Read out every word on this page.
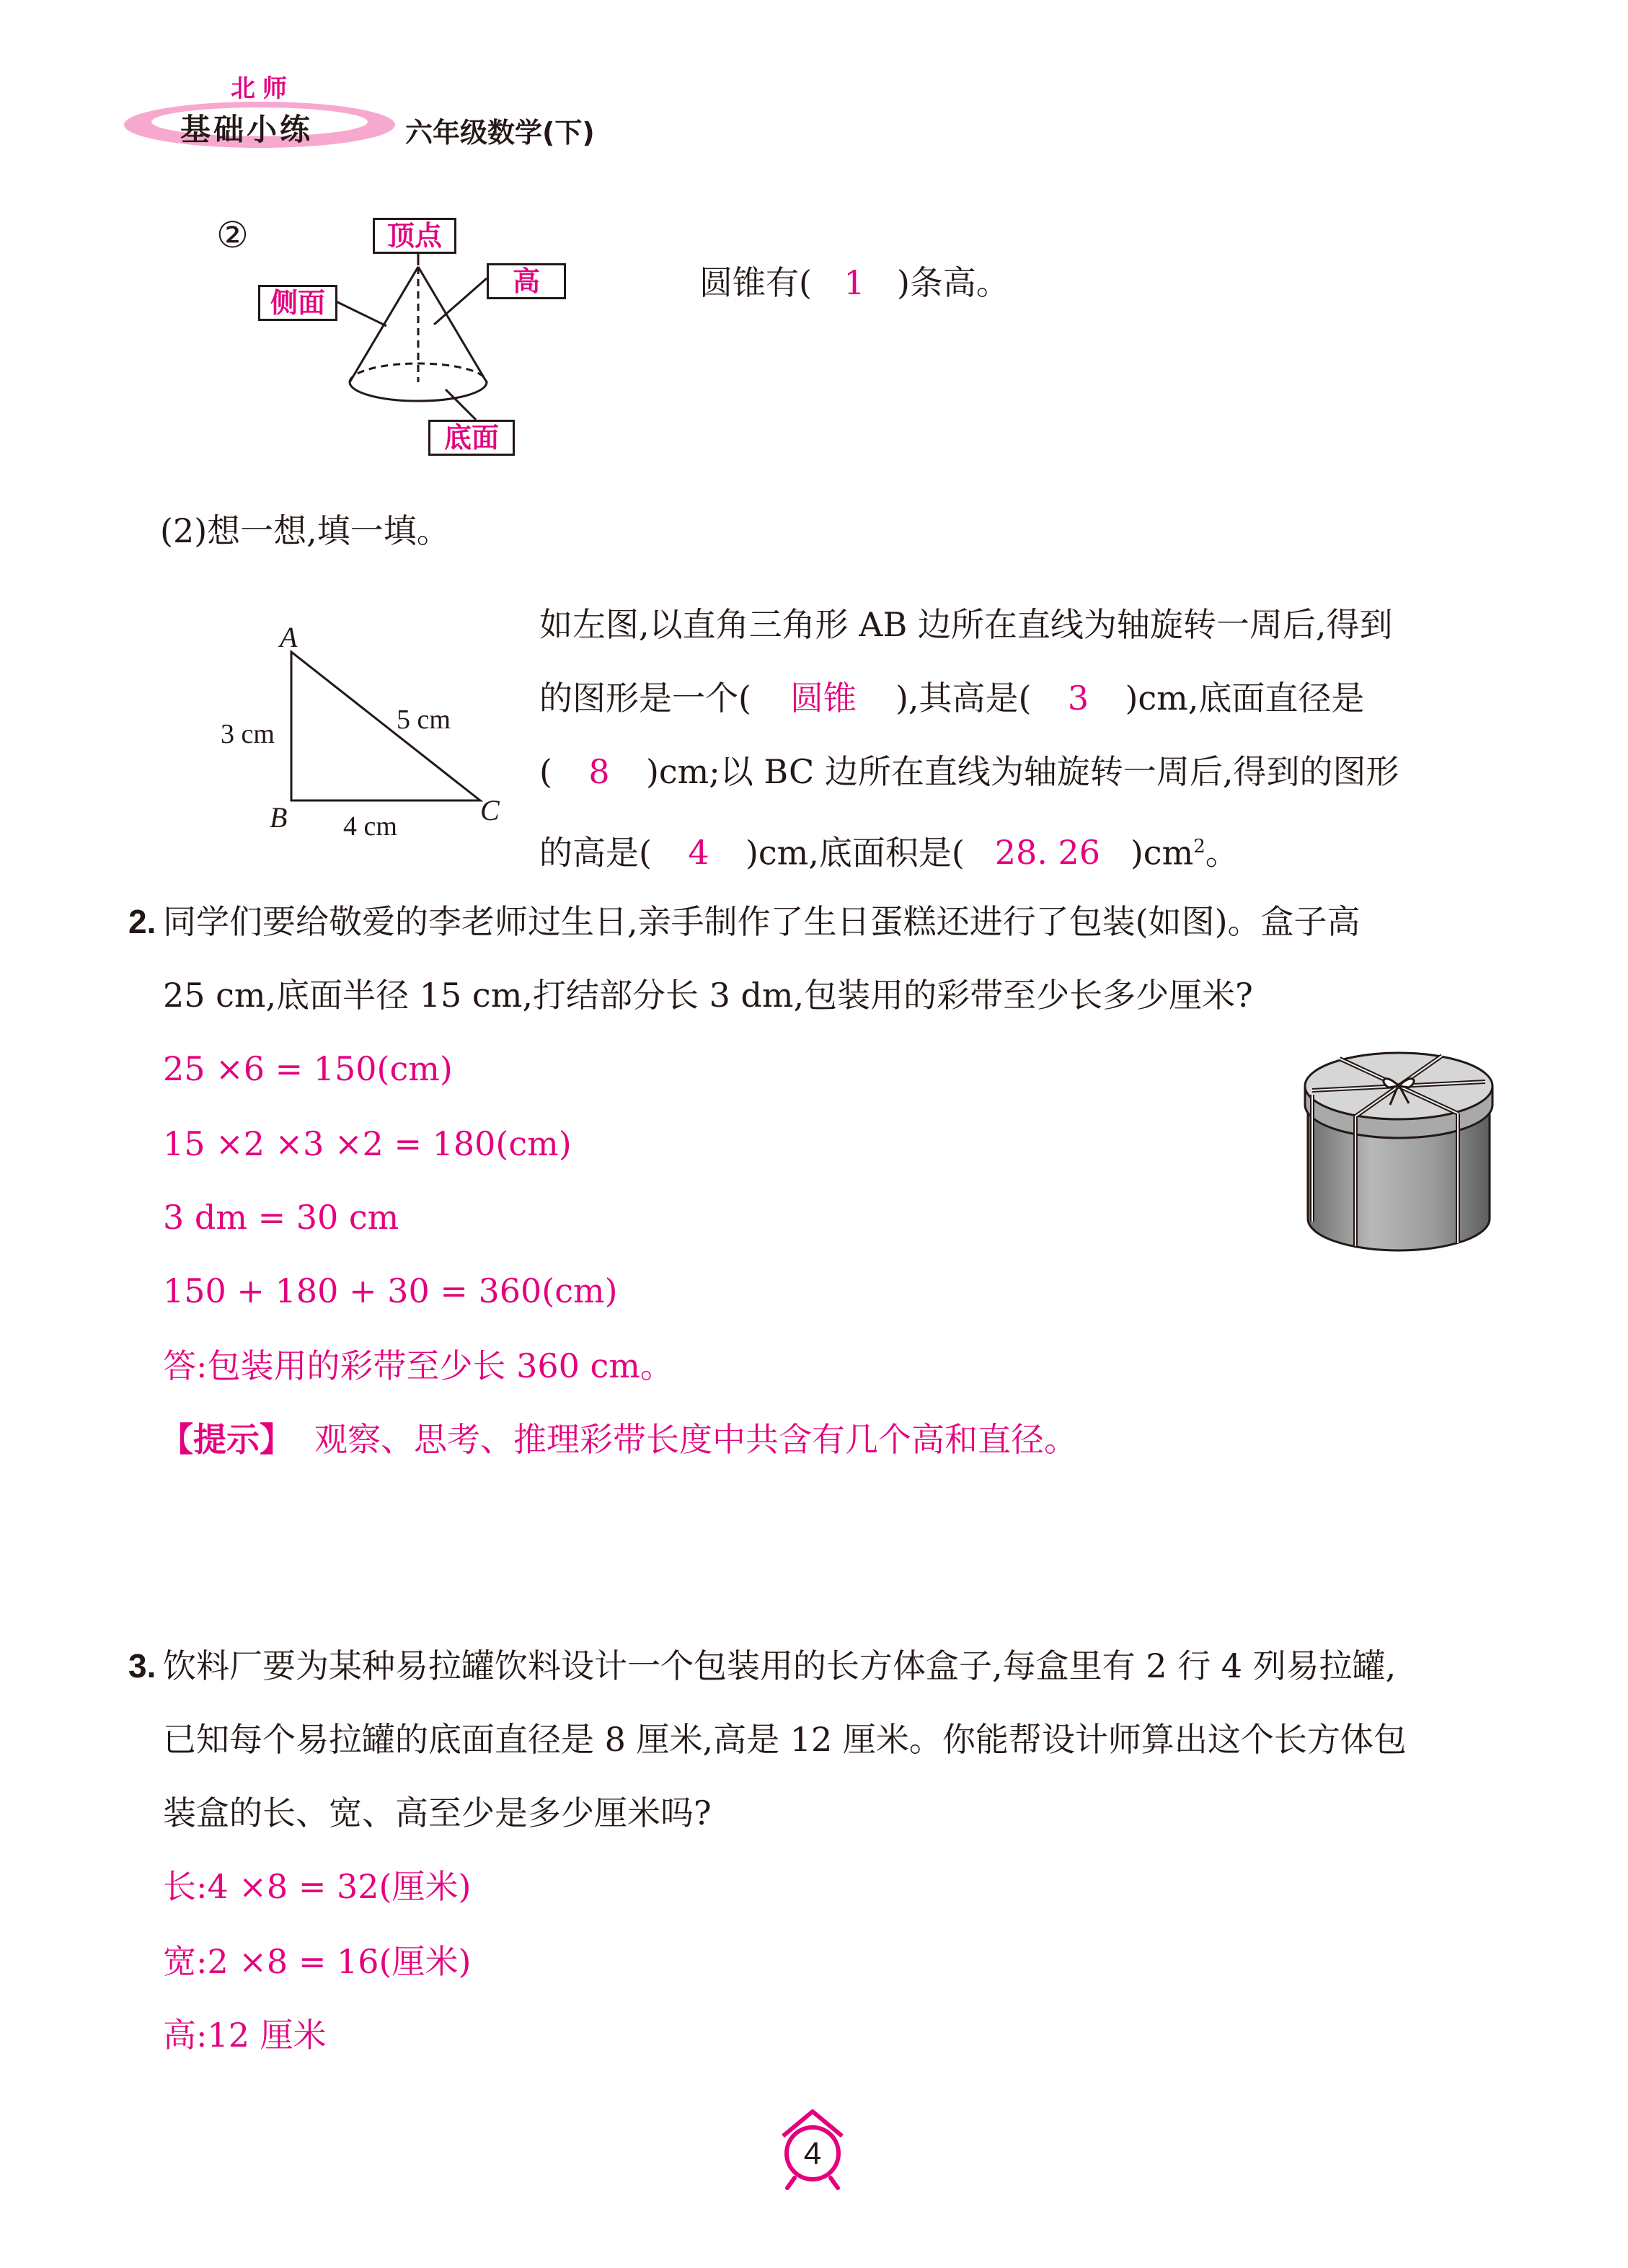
北师
基础小练	六年级数学(下)
②	顶点
高
侧面
底面
圆锥有( 1 )条高。
(2)想一想,填一填。
A
B	C
3 cm
4 cm
5 cm
如左图,以直角三角形 AB 边所在直线为轴旋转一周后,得到
的图形是一个( 圆锥 ),其高是( 3 )cm,底面直径是
( 8 )cm;以 BC 边所在直线为轴旋转一周后,得到的图形
的高是( 4 )cm,底面积是( 28. 26 )$cm^2$。
2. 同学们要给敬爱的李老师过生日,亲手制作了生日蛋糕还进行了包装(如图)。盒子高
25 cm,底面半径 15 cm,打结部分长 3 dm,包装用的彩带至少长多少厘米?
25 ×6 = 150(cm)
15 ×2 ×3 ×2 = 180(cm)
3 dm = 30 cm
150 + 180 + 30 = 360(cm)
答:包装用的彩带至少长 360 cm。
【提示】 观察、思考、推理彩带长度中共含有几个高和直径。
3. 饮料厂要为某种易拉罐饮料设计一个包装用的长方体盒子,每盒里有 2 行 4 列易拉罐,
已知每个易拉罐的底面直径是 8 厘米,高是 12 厘米。你能帮设计师算出这个长方体包
装盒的长、宽、高至少是多少厘米吗?
长:4 ×8 = 32(厘米)
宽:2 ×8 = 16(厘米)
高:12 厘米
4
